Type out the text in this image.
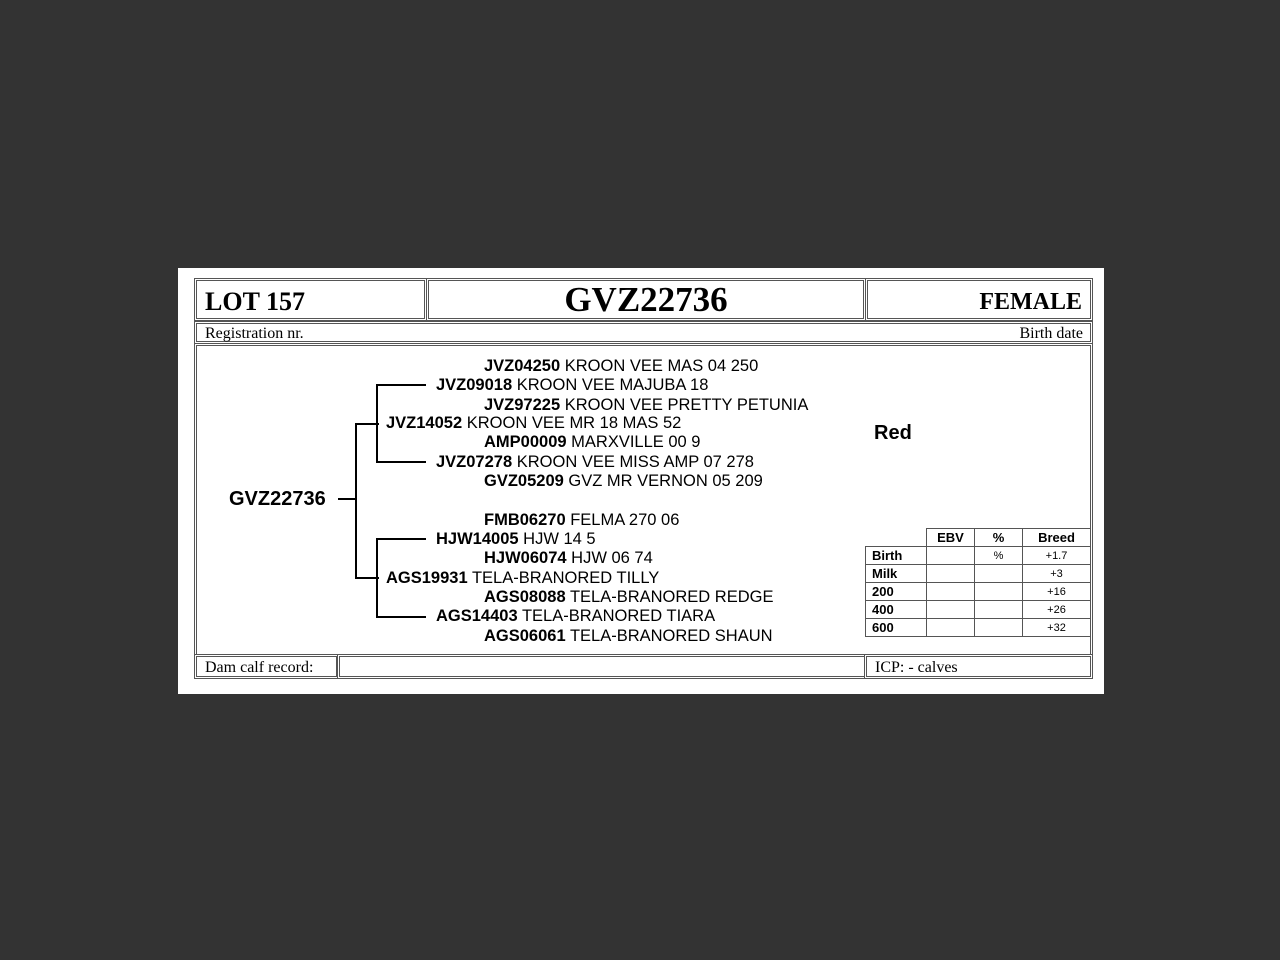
LOT 157	GVZ22736	FEMALE
Registration nr.	Birth date
GVZ22736
JVZ04250 KROON VEE MAS 04 250
JVZ09018 KROON VEE MAJUBA 18
JVZ97225 KROON VEE PRETTY PETUNIA
JVZ14052 KROON VEE MR 18 MAS 52
AMP00009 MARXVILLE 00 9
JVZ07278 KROON VEE MISS AMP 07 278
GVZ05209 GVZ MR VERNON 05 209
FMB06270 FELMA 270 06
HJW14005 HJW 14 5
HJW06074 HJW 06 74
AGS19931 TELA-BRANORED TILLY
AGS08088 TELA-BRANORED REDGE
AGS14403 TELA-BRANORED TIARA
AGS06061 TELA-BRANORED SHAUN
Red
	EBV	%	Breed
Birth		%	+1.7
Milk			+3
200			+16
400			+26
600			+32
Dam calf record:	ICP: - calves
